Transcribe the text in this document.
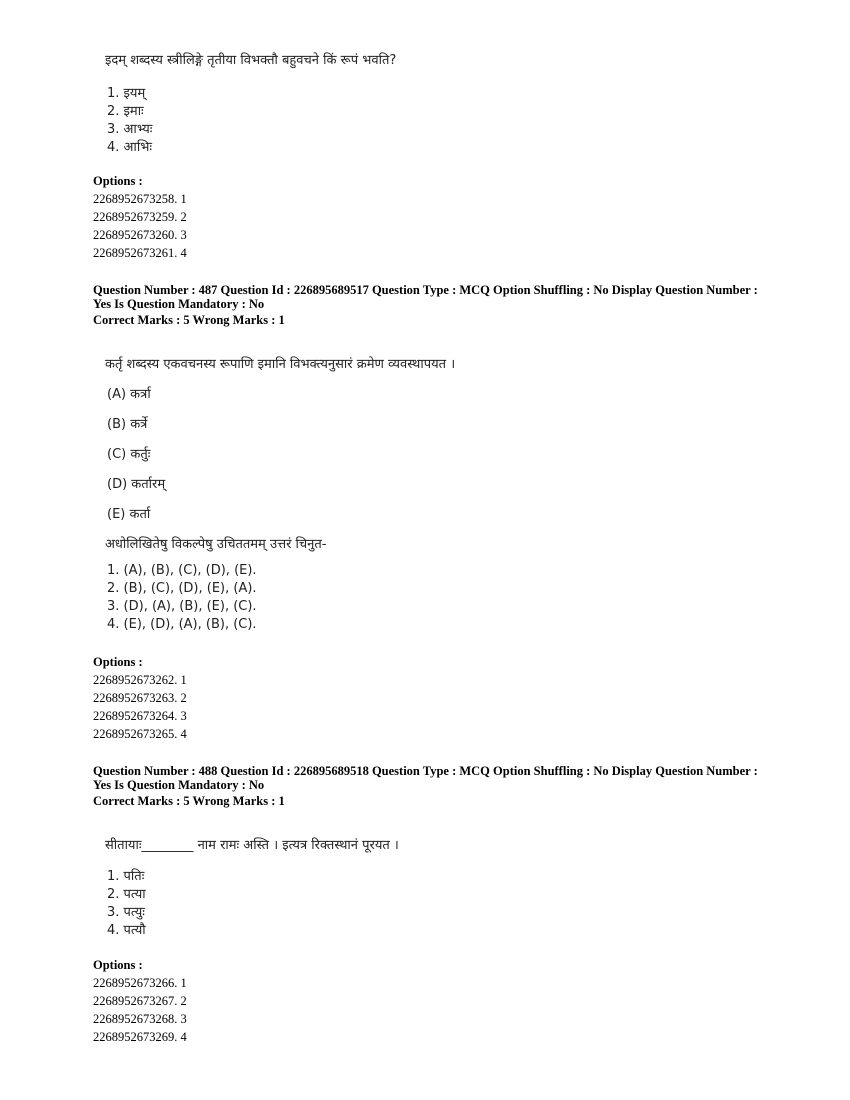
इदम् शब्दस्य स्त्रीलिङ्गे तृतीया विभक्तौ बहुवचने किं रूपं भवति?
1. इयम्
2. इमाः
3. आभ्यः
4. आभिः
Options :
2268952673258. 1
2268952673259. 2
2268952673260. 3
2268952673261. 4
Question Number : 487 Question Id : 226895689517 Question Type : MCQ Option Shuffling : No Display Question Number : Yes Is Question Mandatory : No
Correct Marks : 5 Wrong Marks : 1
कर्तृ शब्दस्य एकवचनस्य रूपाणि इमानि विभक्त्यनुसारं क्रमेण व्यवस्थापयत ।
(A) कर्त्रा
(B) कर्त्रे
(C) कर्तुः
(D) कर्तारम्
(E) कर्ता
अधोलिखितेषु विकल्पेषु उचिततमम् उत्तरं चिनुत-
1. (A), (B), (C), (D), (E).
2. (B), (C), (D), (E), (A).
3. (D), (A), (B), (E), (C).
4. (E), (D), (A), (B), (C).
Options :
2268952673262. 1
2268952673263. 2
2268952673264. 3
2268952673265. 4
Question Number : 488 Question Id : 226895689518 Question Type : MCQ Option Shuffling : No Display Question Number : Yes Is Question Mandatory : No
Correct Marks : 5 Wrong Marks : 1
सीतायाः________ नाम रामः अस्ति । इत्यत्र रिक्तस्थानं पूरयत ।
1. पतिः
2. पत्या
3. पत्युः
4. पत्यौ
Options :
2268952673266. 1
2268952673267. 2
2268952673268. 3
2268952673269. 4
